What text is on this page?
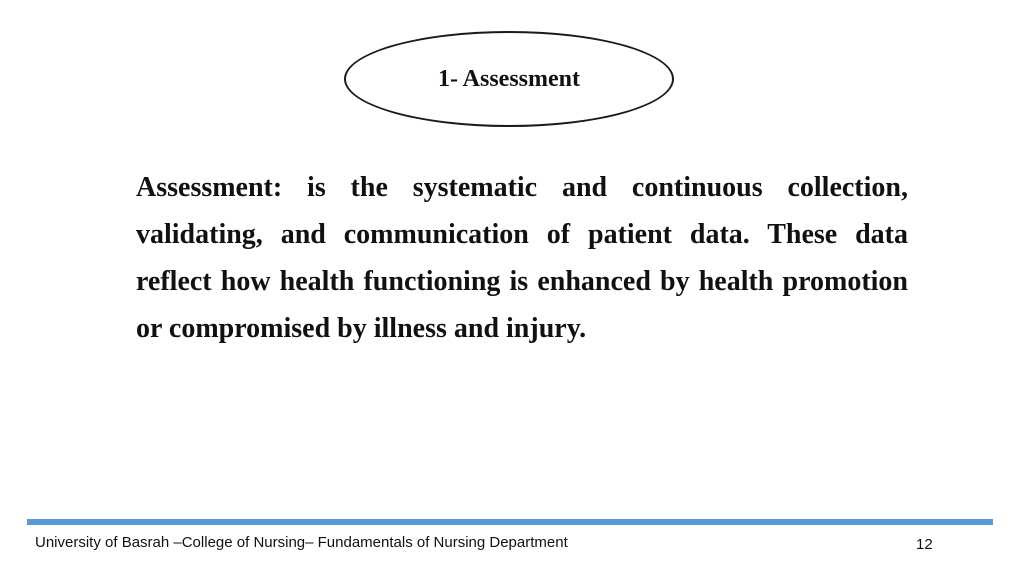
1- Assessment

Assessment: is the systematic and continuous collection, validating, and communication of patient data. These data reflect how health functioning is enhanced by health promotion or compromised by illness and injury.

University of Basrah –College of Nursing– Fundamentals of Nursing Department	12
